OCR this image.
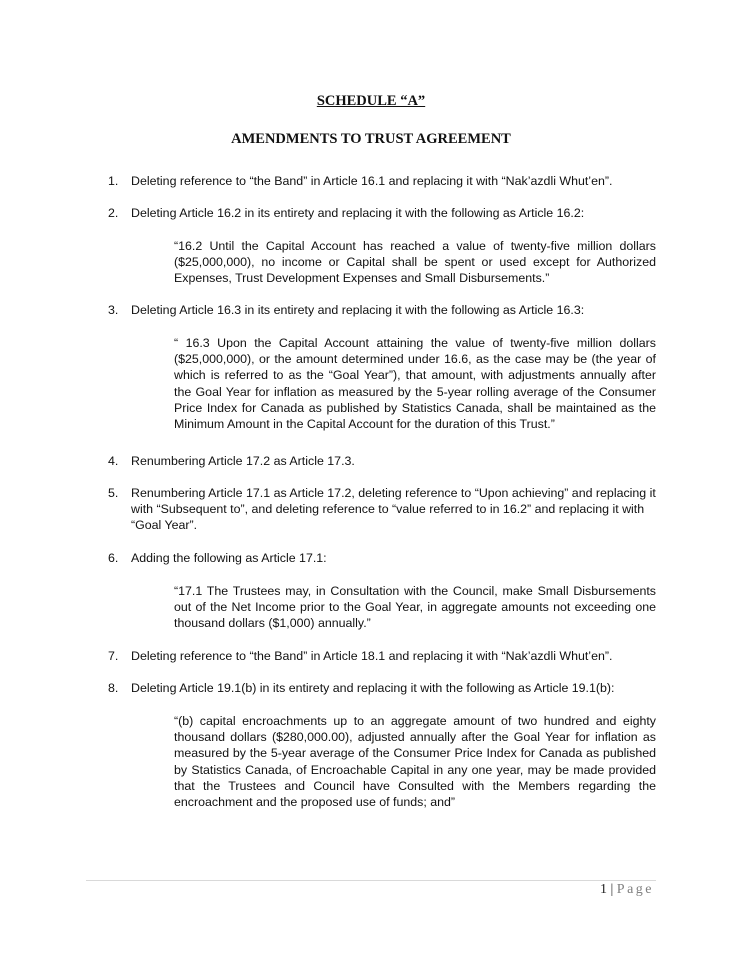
SCHEDULE “A”
AMENDMENTS TO TRUST AGREEMENT
1.	Deleting reference to “the Band” in Article 16.1 and replacing it with “Nak’azdli Whut’en”.
2.	Deleting Article 16.2 in its entirety and replacing it with the following as Article 16.2:
“16.2 Until the Capital Account has reached a value of twenty-five million dollars ($25,000,000), no income or Capital shall be spent or used except for Authorized Expenses, Trust Development Expenses and Small Disbursements.”
3.	Deleting Article 16.3 in its entirety and replacing it with the following as Article 16.3:
“ 16.3 Upon the Capital Account attaining the value of twenty-five million dollars ($25,000,000), or the amount determined under 16.6, as the case may be (the year of which is referred to as the “Goal Year”), that amount, with adjustments annually after the Goal Year for inflation as measured by the 5-year rolling average of the Consumer Price Index for Canada as published by Statistics Canada, shall be maintained as the Minimum Amount in the Capital Account for the duration of this Trust.”
4.	Renumbering Article 17.2 as Article 17.3.
5.	Renumbering Article 17.1 as Article 17.2, deleting reference to “Upon achieving” and replacing it with “Subsequent to”, and deleting reference to “value referred to in 16.2” and replacing it with “Goal Year”.
6.	Adding the following as Article 17.1:
“17.1 The Trustees may, in Consultation with the Council, make Small Disbursements out of the Net Income prior to the Goal Year, in aggregate amounts not exceeding one thousand dollars ($1,000) annually.”
7.	Deleting reference to “the Band” in Article 18.1 and replacing it with “Nak’azdli Whut’en”.
8.	Deleting Article 19.1(b) in its entirety and replacing it with the following as Article 19.1(b):
“(b) capital encroachments up to an aggregate amount of two hundred and eighty thousand dollars ($280,000.00), adjusted annually after the Goal Year for inflation as measured by the 5-year average of the Consumer Price Index for Canada as published by Statistics Canada, of Encroachable Capital in any one year, may be made provided that the Trustees and Council have Consulted with the Members regarding the encroachment and the proposed use of funds; and”
1 | Page
